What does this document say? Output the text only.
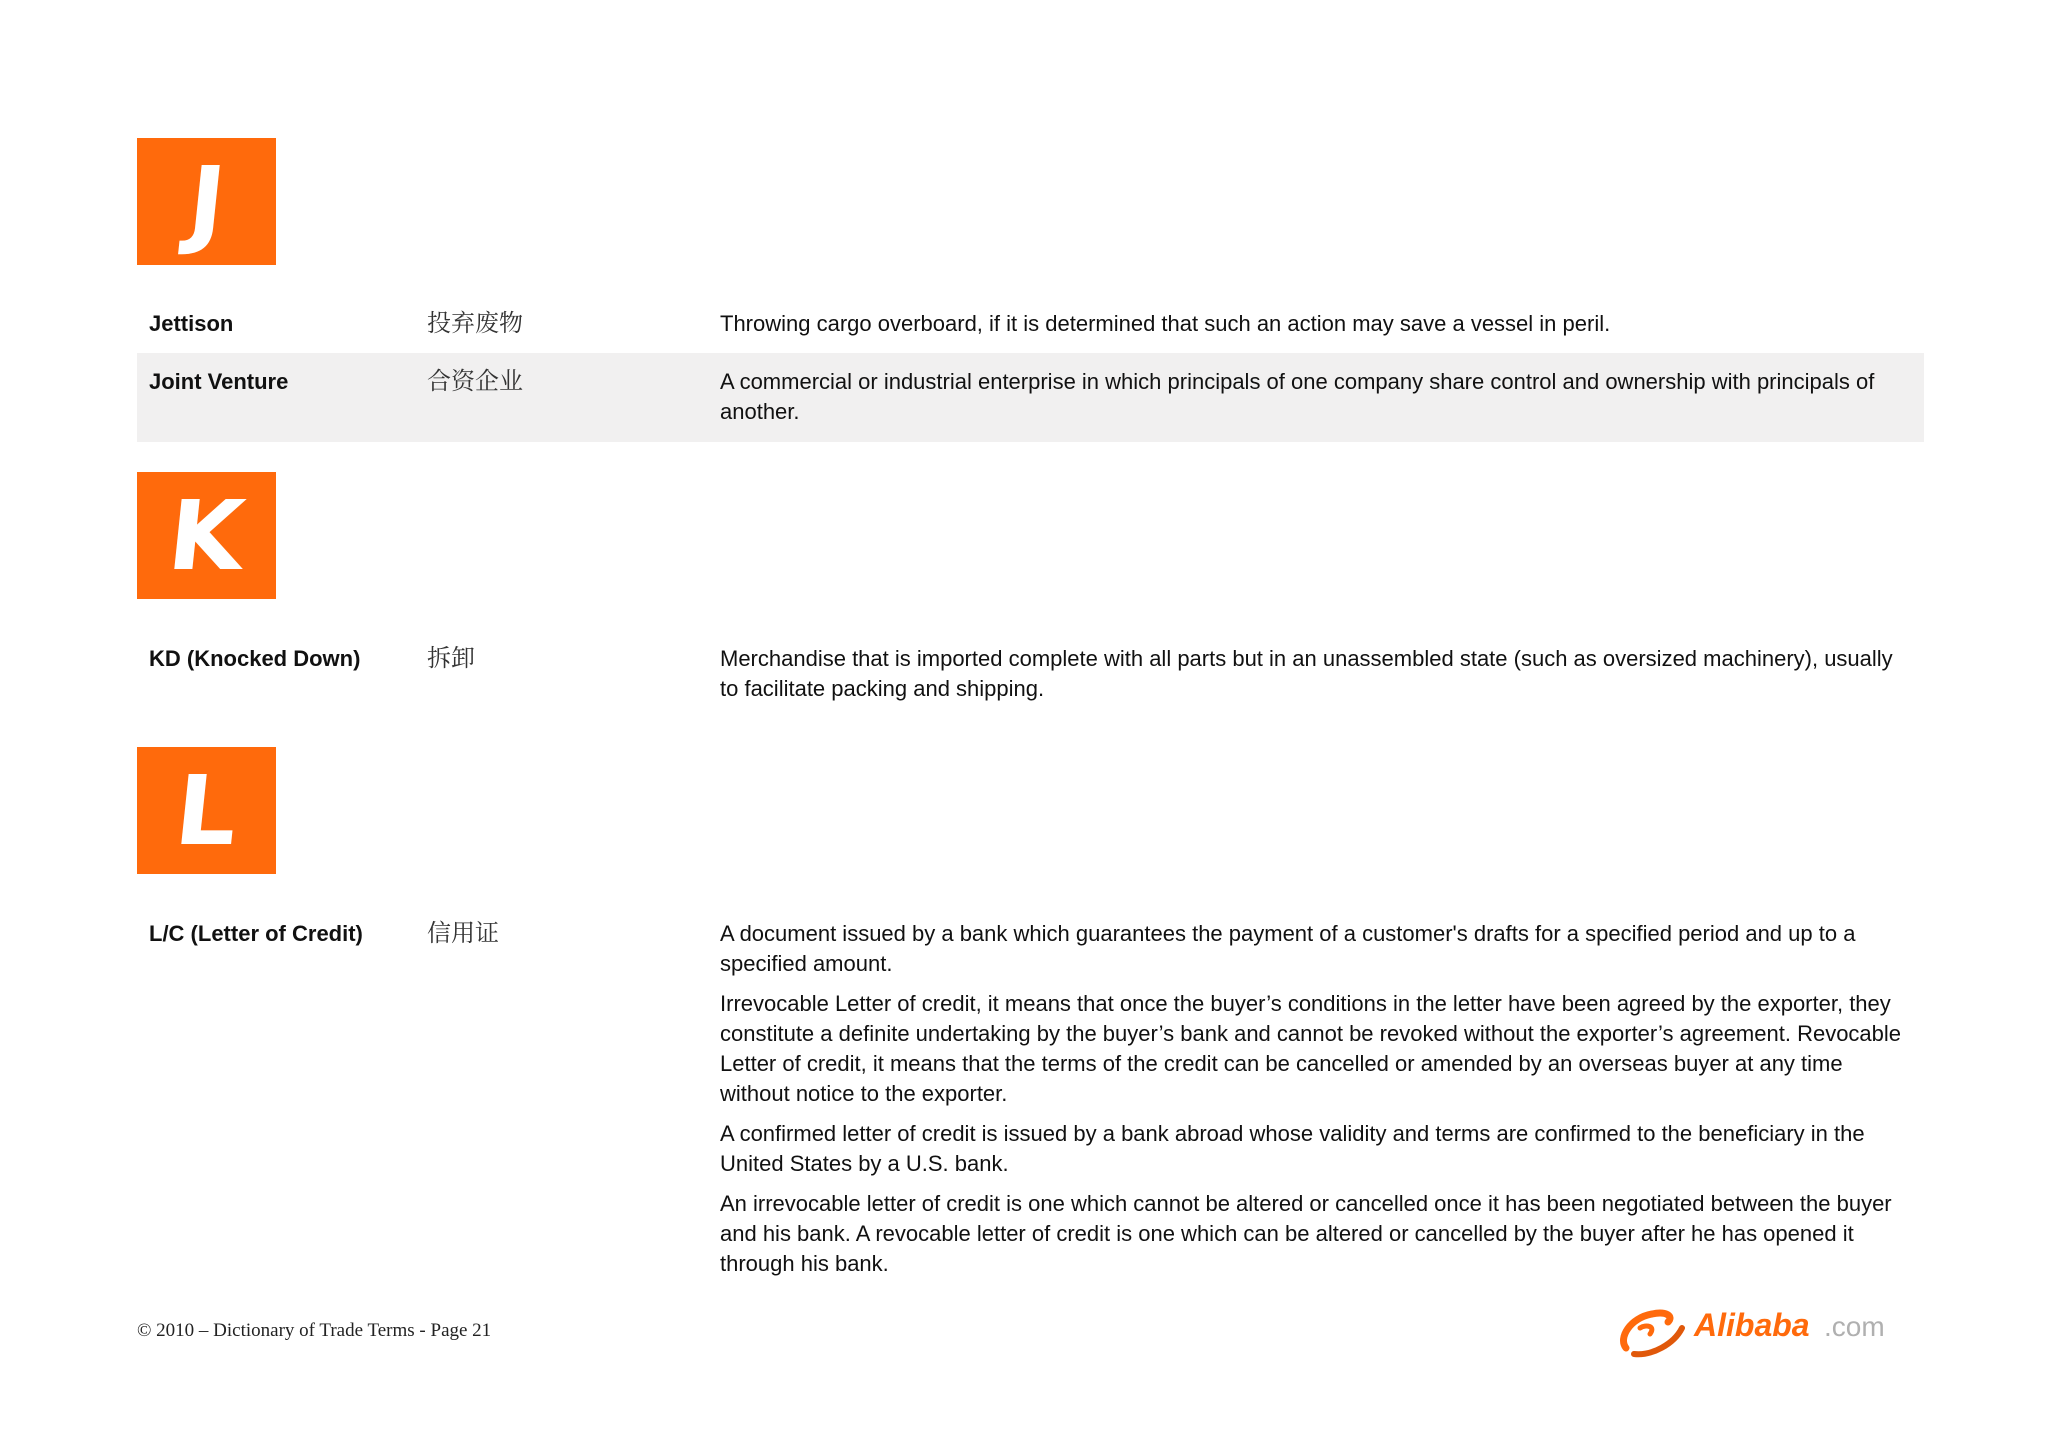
J
Jettison	投弃废物	Throwing cargo overboard, if it is determined that such an action may save a vessel in peril.
Joint Venture	合资企业	A commercial or industrial enterprise in which principals of one company share control and ownership with principals of another.
K
KD (Knocked Down)	拆卸	Merchandise that is imported complete with all parts but in an unassembled state (such as oversized machinery), usually to facilitate packing and shipping.
L
L/C (Letter of Credit)	信用证	A document issued by a bank which guarantees the payment of a customer's drafts for a specified period and up to a specified amount.

Irrevocable Letter of credit, it means that once the buyer’s conditions in the letter have been agreed by the exporter, they constitute a definite undertaking by the buyer’s bank and cannot be revoked without the exporter’s agreement. Revocable Letter of credit, it means that the terms of the credit can be cancelled or amended by an overseas buyer at any time without notice to the exporter.

A confirmed letter of credit is issued by a bank abroad whose validity and terms are confirmed to the beneficiary in the United States by a U.S. bank.

An irrevocable letter of credit is one which cannot be altered or cancelled once it has been negotiated between the buyer and his bank. A revocable letter of credit is one which can be altered or cancelled by the buyer after he has opened it through his bank.

© 2010 – Dictionary of Trade Terms - Page 21	Alibaba .com
